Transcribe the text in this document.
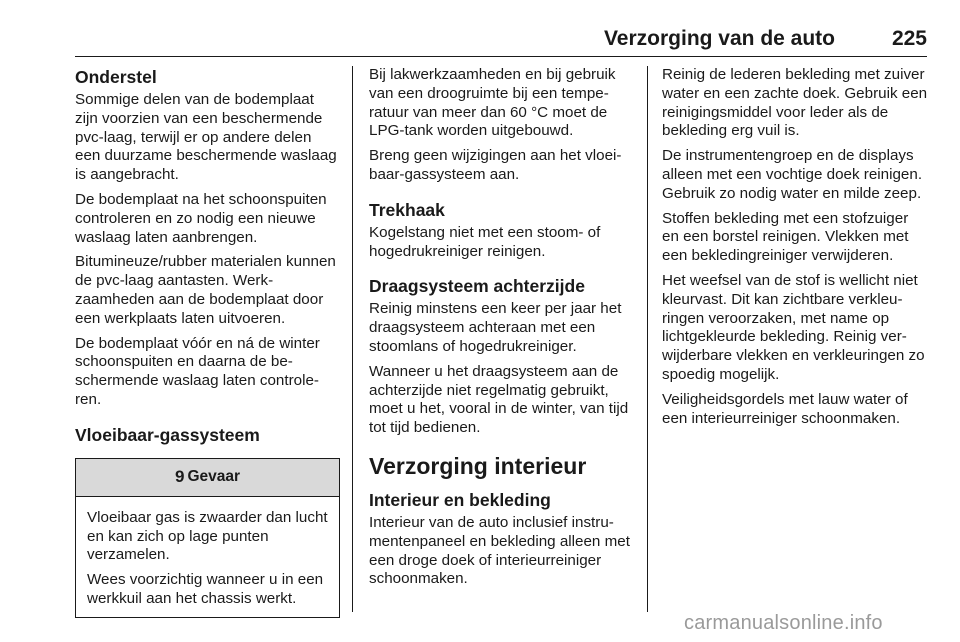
Verzorging van de auto	225
Onderstel

Sommige delen van de bodemplaat zijn voorzien van een beschermende pvc-laag, terwijl er op andere delen een duurzame beschermende waslaag is aangebracht.

De bodemplaat na het schoonspuiten controleren en zo nodig een nieuwe waslaag laten aanbrengen.

Bitumineuze/rubber materialen kunnen de pvc-laag aantasten. Werkzaamheden aan de bodemplaat door een werkplaats laten uitvoeren.

De bodemplaat vóór en ná de winter schoonspuiten en daarna de beschermende waslaag laten controleren.

Vloeibaar-gassysteem
9 Gevaar

Vloeibaar gas is zwaarder dan lucht en kan zich op lage punten verzamelen.

Wees voorzichtig wanneer u in een werkkuil aan het chassis werkt.

Bij lakwerkzaamheden en bij gebruik van een droogruimte bij een temperatuur van meer dan 60 °C moet de LPG-tank worden uitgebouwd.

Breng geen wijzigingen aan het vloeibaar-gassysteem aan.

Trekhaak

Kogelstang niet met een stoom- of hogedrukreiniger reinigen.

Draagsysteem achterzijde

Reinig minstens een keer per jaar het draagsysteem achteraan met een stoomlans of hogedrukreiniger.

Wanneer u het draagsysteem aan de achterzijde niet regelmatig gebruikt, moet u het, vooral in de winter, van tijd tot tijd bedienen.

Verzorging interieur
Interieur en bekleding

Interieur van de auto inclusief instrumentenpaneel en bekleding alleen met een droge doek of interieurreiniger schoonmaken.

Reinig de lederen bekleding met zuiver water en een zachte doek. Gebruik een reinigingsmiddel voor leder als de bekleding erg vuil is.

De instrumentengroep en de displays alleen met een vochtige doek reinigen. Gebruik zo nodig water en milde zeep.

Stoffen bekleding met een stofzuiger en een borstel reinigen. Vlekken met een bekledingreiniger verwijderen.

Het weefsel van de stof is wellicht niet kleurvast. Dit kan zichtbare verkleuringen veroorzaken, met name op lichtgekleurde bekleding. Reinig verwijderbare vlekken en verkleuringen zo spoedig mogelijk.

Veiligheidsgordels met lauw water of een interieurreiniger schoonmaken.

carmanualsonline.info
